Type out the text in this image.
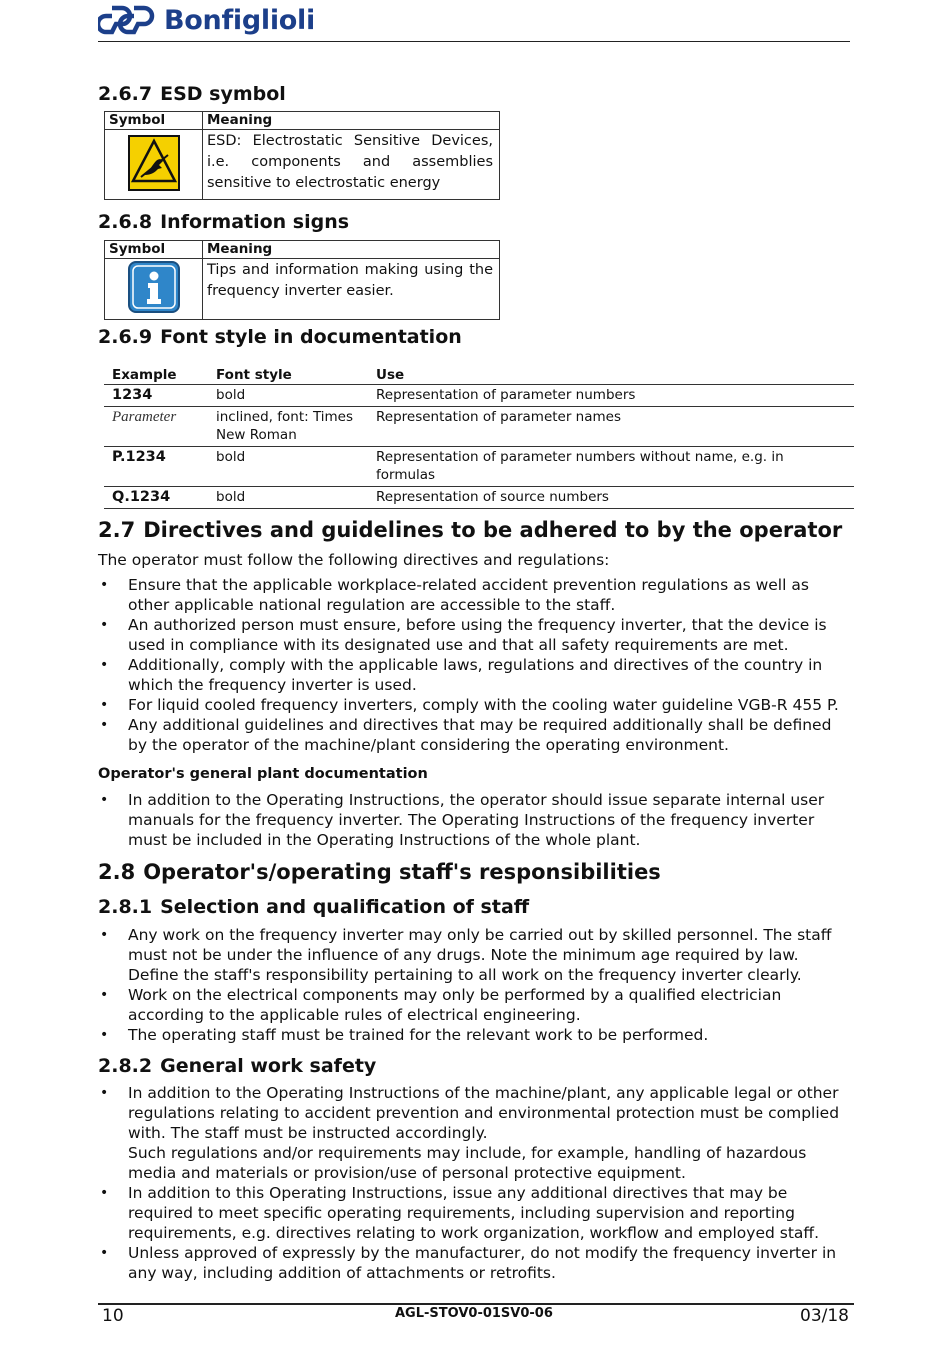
Bonfiglioli
2.6.7 ESD symbol
Symbol	Meaning
	ESD: Electrostatic Sensitive Devices, i.e. components and assemblies sensitive to electrostatic energy
2.6.8 Information signs
Symbol	Meaning
	Tips and information making using the frequency inverter easier.
2.6.9 Font style in documentation
Example	Font style	Use
1234	bold	Representation of parameter numbers
Parameter	inclined, font: Times New Roman	Representation of parameter names
P.1234	bold	Representation of parameter numbers without name, e.g. in formulas
Q.1234	bold	Representation of source numbers
2.7 Directives and guidelines to be adhered to by the operator
The operator must follow the following directives and regulations:
• Ensure that the applicable workplace-related accident prevention regulations as well as other applicable national regulation are accessible to the staff.
• An authorized person must ensure, before using the frequency inverter, that the device is used in compliance with its designated use and that all safety requirements are met.
• Additionally, comply with the applicable laws, regulations and directives of the country in which the frequency inverter is used.
• For liquid cooled frequency inverters, comply with the cooling water guideline VGB-R 455 P.
• Any additional guidelines and directives that may be required additionally shall be defined by the operator of the machine/plant considering the operating environment.
Operator's general plant documentation
• In addition to the Operating Instructions, the operator should issue separate internal user manuals for the frequency inverter. The Operating Instructions of the frequency inverter must be included in the Operating Instructions of the whole plant.
2.8 Operator's/operating staff's responsibilities
2.8.1 Selection and qualification of staff
• Any work on the frequency inverter may only be carried out by skilled personnel. The staff must not be under the influence of any drugs. Note the minimum age required by law. Define the staff's responsibility pertaining to all work on the frequency inverter clearly.
• Work on the electrical components may only be performed by a qualified electrician according to the applicable rules of electrical engineering.
• The operating staff must be trained for the relevant work to be performed.
2.8.2 General work safety
• In addition to the Operating Instructions of the machine/plant, any applicable legal or other regulations relating to accident prevention and environmental protection must be complied with. The staff must be instructed accordingly.
Such regulations and/or requirements may include, for example, handling of hazardous media and materials or provision/use of personal protective equipment.
• In addition to this Operating Instructions, issue any additional directives that may be required to meet specific operating requirements, including supervision and reporting requirements, e.g. directives relating to work organization, workflow and employed staff.
• Unless approved of expressly by the manufacturer, do not modify the frequency inverter in any way, including addition of attachments or retrofits.
10	AGL-STOV0-01SV0-06	03/18
